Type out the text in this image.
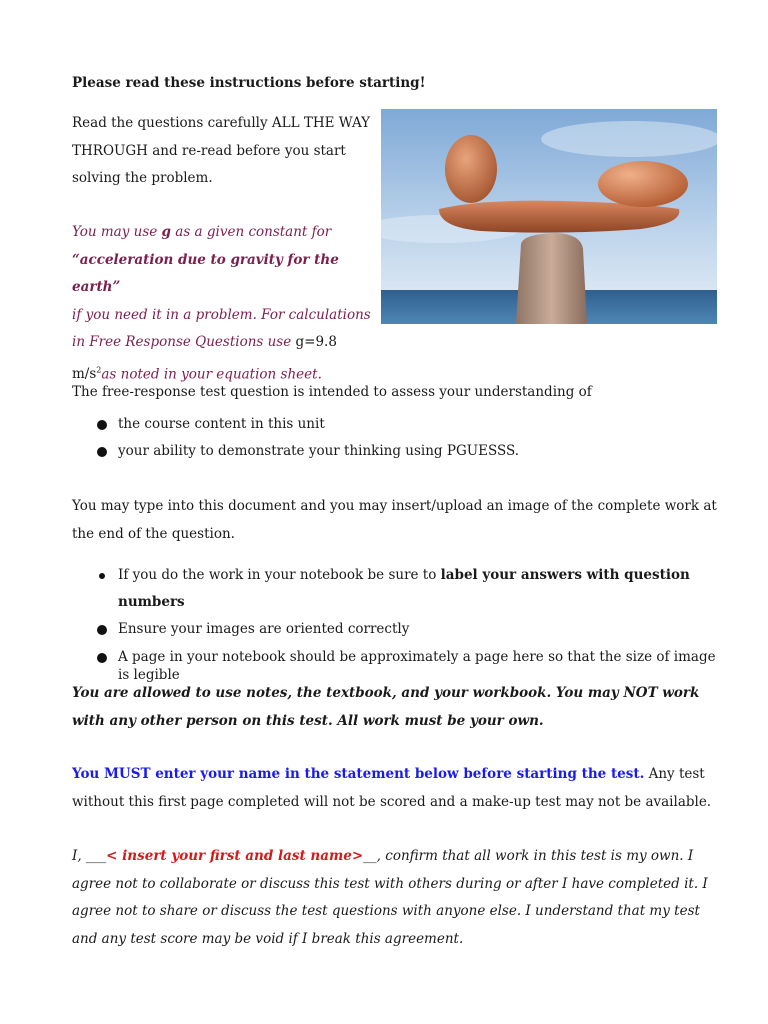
Please read these instructions before starting!
Read the questions carefully ALL THE WAY THROUGH and re-read before you start solving the problem.
You may use g as a given constant for
“acceleration due to gravity for the earth”
if you need it in a problem. For calculations in Free Response Questions use g=9.8 $m/s^2as$ noted in your equation sheet.
The free-response test question is intended to assess your understanding of
the course content in this unit
your ability to demonstrate your thinking using PGUESSS.
You may type into this document and you may insert/upload an image of the complete work at the end of the question.
If you do the work in your notebook be sure to label your answers with question numbers
Ensure your images are oriented correctly
A page in your notebook should be approximately a page here so that the size of image is legible
You are allowed to use notes, the textbook, and your workbook. You may NOT work with any other person on this test. All work must be your own.
You MUST enter your name in the statement below before starting the test. Any test without this first page completed will not be scored and a make-up test may not be available.
I, ___< insert your first and last name>__, confirm that all work in this test is my own. I agree not to collaborate or discuss this test with others during or after I have completed it. I agree not to share or discuss the test questions with anyone else. I understand that my test and any test score may be void if I break this agreement.
